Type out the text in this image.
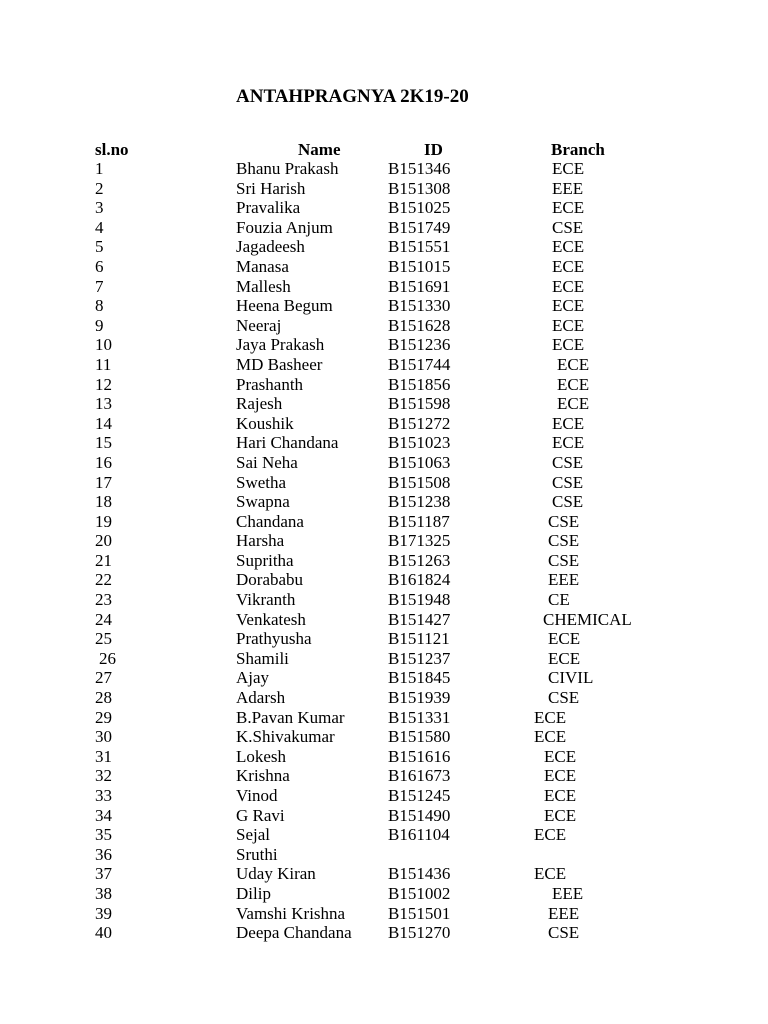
ANTAHPRAGNYA 2K19-20
sl.no	Name	ID	Branch
1	Bhanu Prakash	B151346	ECE
2	Sri Harish	B151308	EEE
3	Pravalika	B151025	ECE
4	Fouzia Anjum	B151749	CSE
5	Jagadeesh	B151551	ECE
6	Manasa	B151015	ECE
7	Mallesh	B151691	ECE
8	Heena Begum	B151330	ECE
9	Neeraj	B151628	ECE
10	Jaya Prakash	B151236	ECE
11	MD Basheer	B151744	ECE
12	Prashanth	B151856	ECE
13	Rajesh	B151598	ECE
14	Koushik	B151272	ECE
15	Hari Chandana	B151023	ECE
16	Sai Neha	B151063	CSE
17	Swetha	B151508	CSE
18	Swapna	B151238	CSE
19	Chandana	B151187	CSE
20	Harsha	B171325	CSE
21	Supritha	B151263	CSE
22	Dorababu	B161824	EEE
23	Vikranth	B151948	CE
24	Venkatesh	B151427	CHEMICAL
25	Prathyusha	B151121	ECE
26	Shamili	B151237	ECE
27	Ajay	B151845	CIVIL
28	Adarsh	B151939	CSE
29	B.Pavan Kumar	B151331	ECE
30	K.Shivakumar	B151580	ECE
31	Lokesh	B151616	ECE
32	Krishna	B161673	ECE
33	Vinod	B151245	ECE
34	G Ravi	B151490	ECE
35	Sejal	B161104	ECE
36	Sruthi
37	Uday Kiran	B151436	ECE
38	Dilip	B151002	EEE
39	Vamshi Krishna	B151501	EEE
40	Deepa Chandana B151270	CSE
